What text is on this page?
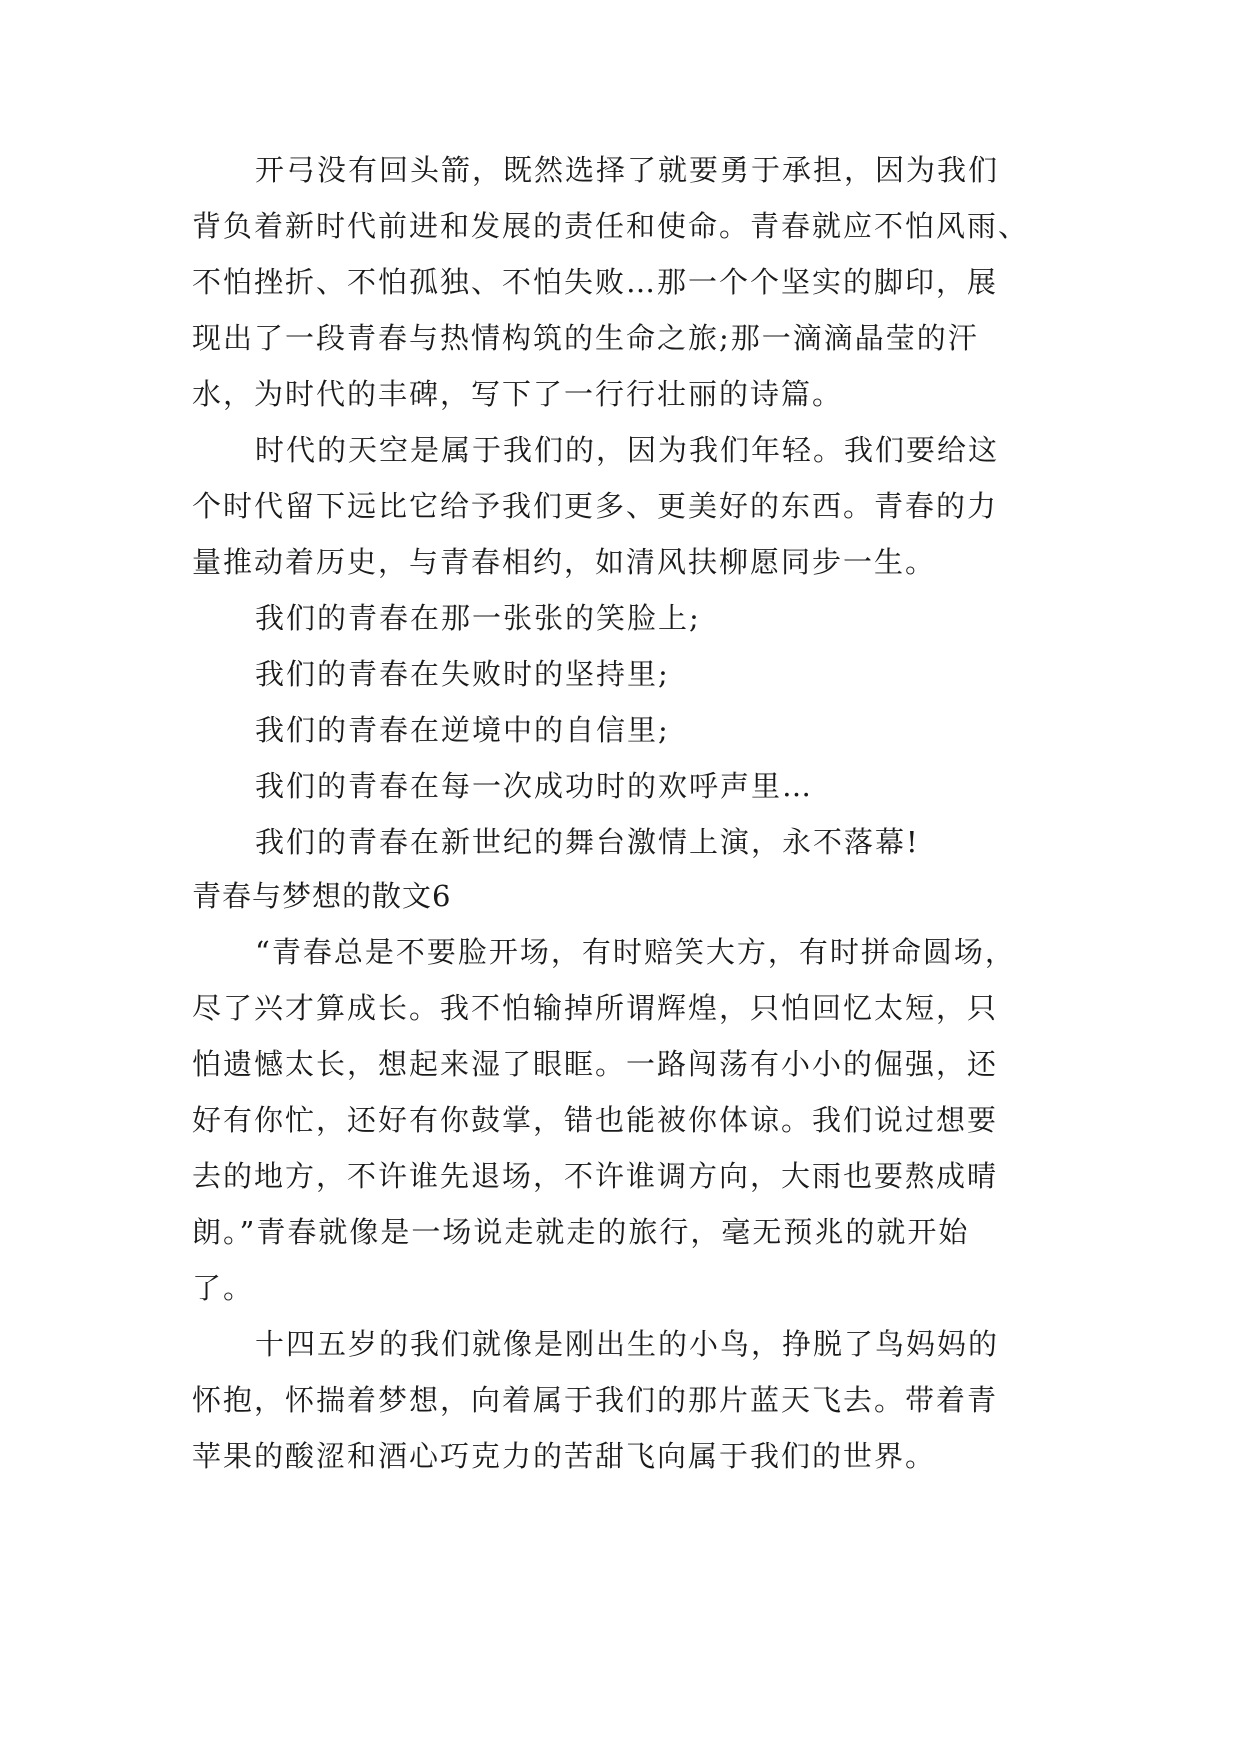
开弓没有回头箭，既然选择了就要勇于承担，因为我们
背负着新时代前进和发展的责任和使命。青春就应不怕风雨、
不怕挫折、不怕孤独、不怕失败…那一个个坚实的脚印，展
现出了一段青春与热情构筑的生命之旅;那一滴滴晶莹的汗
水，为时代的丰碑，写下了一行行壮丽的诗篇。
时代的天空是属于我们的，因为我们年轻。我们要给这
个时代留下远比它给予我们更多、更美好的东西。青春的力
量推动着历史，与青春相约，如清风扶柳愿同步一生。
我们的青春在那一张张的笑脸上;
我们的青春在失败时的坚持里;
我们的青春在逆境中的自信里;
我们的青春在每一次成功时的欢呼声里…
我们的青春在新世纪的舞台激情上演，永不落幕!
青春与梦想的散文6
“青春总是不要脸开场，有时赔笑大方，有时拼命圆场，
尽了兴才算成长。我不怕输掉所谓辉煌，只怕回忆太短，只
怕遗憾太长，想起来湿了眼眶。一路闯荡有小小的倔强，还
好有你忙，还好有你鼓掌，错也能被你体谅。我们说过想要
去的地方，不许谁先退场，不许谁调方向，大雨也要熬成晴
朗。”青春就像是一场说走就走的旅行，毫无预兆的就开始
了。
十四五岁的我们就像是刚出生的小鸟，挣脱了鸟妈妈的
怀抱，怀揣着梦想，向着属于我们的那片蓝天飞去。带着青
苹果的酸涩和酒心巧克力的苦甜飞向属于我们的世界。
